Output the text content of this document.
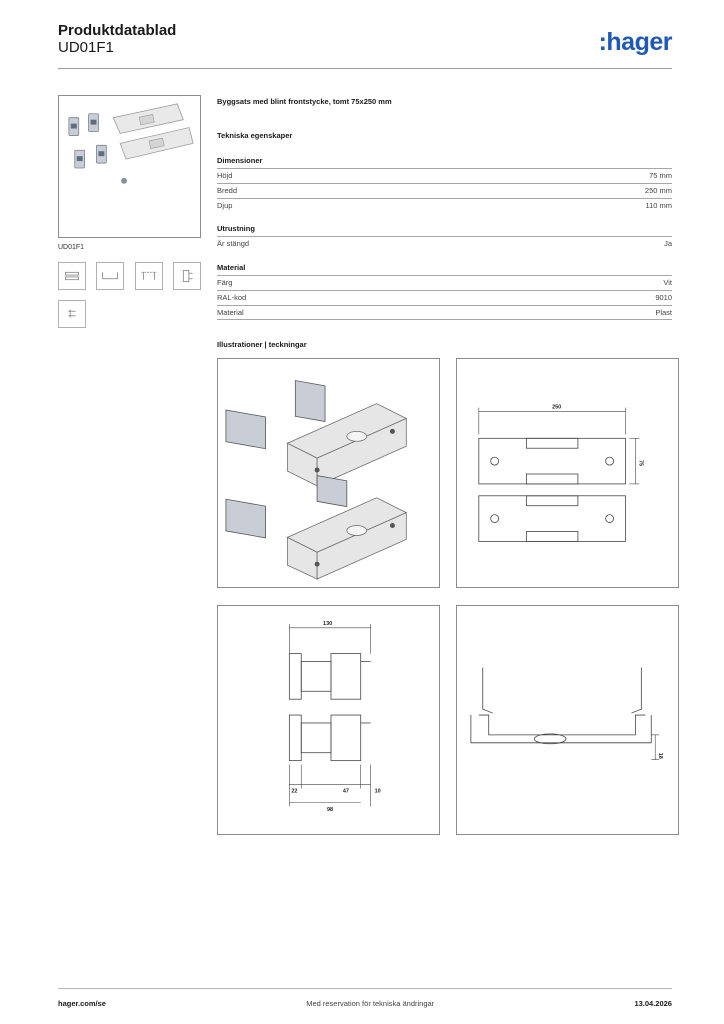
Produktdatablad
UD01F1	:hager
UD01F1
Byggsats med blint frontstycke, tomt 75x250 mm
Tekniska egenskaper
Dimensioner
Höjd	75 mm
Bredd	250 mm
Djup	110 mm
Utrustning
Är stängd	Ja
Material
Färg	Vit
RAL-kod	9010
Material	Plast
Illustrationer | teckningar
250
75
130
22	47	10
98
18
hager.com/se	Med reservation för tekniska ändringar	13.04.2026
